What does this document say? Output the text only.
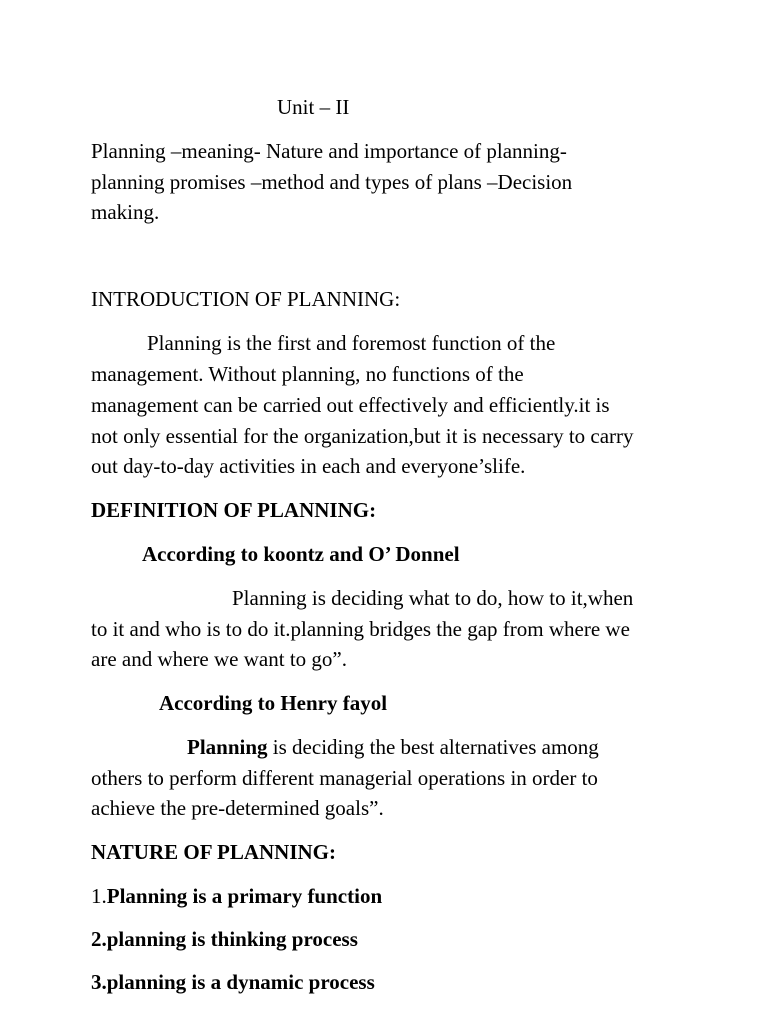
Unit – II
Planning –meaning- Nature and importance of planning-
planning promises –method and types of plans –Decision
making.
INTRODUCTION OF PLANNING:
Planning is the first and foremost function of the
management. Without planning, no functions of the
management can be carried out effectively and efficiently.it is
not only essential for the organization,but it is necessary to carry
out day-to-day activities in each and everyone’slife.
DEFINITION OF PLANNING:
According to koontz and O’ Donnel
Planning is deciding what to do, how to it,when
to it and who is to do it.planning bridges the gap from where we
are and where we want to go”.
According to Henry fayol
Planning is deciding the best alternatives among
others to perform different managerial operations in order to
achieve the pre-determined goals”.
NATURE OF PLANNING:
1.Planning is a primary function
2.planning is thinking process
3.planning is a dynamic process
